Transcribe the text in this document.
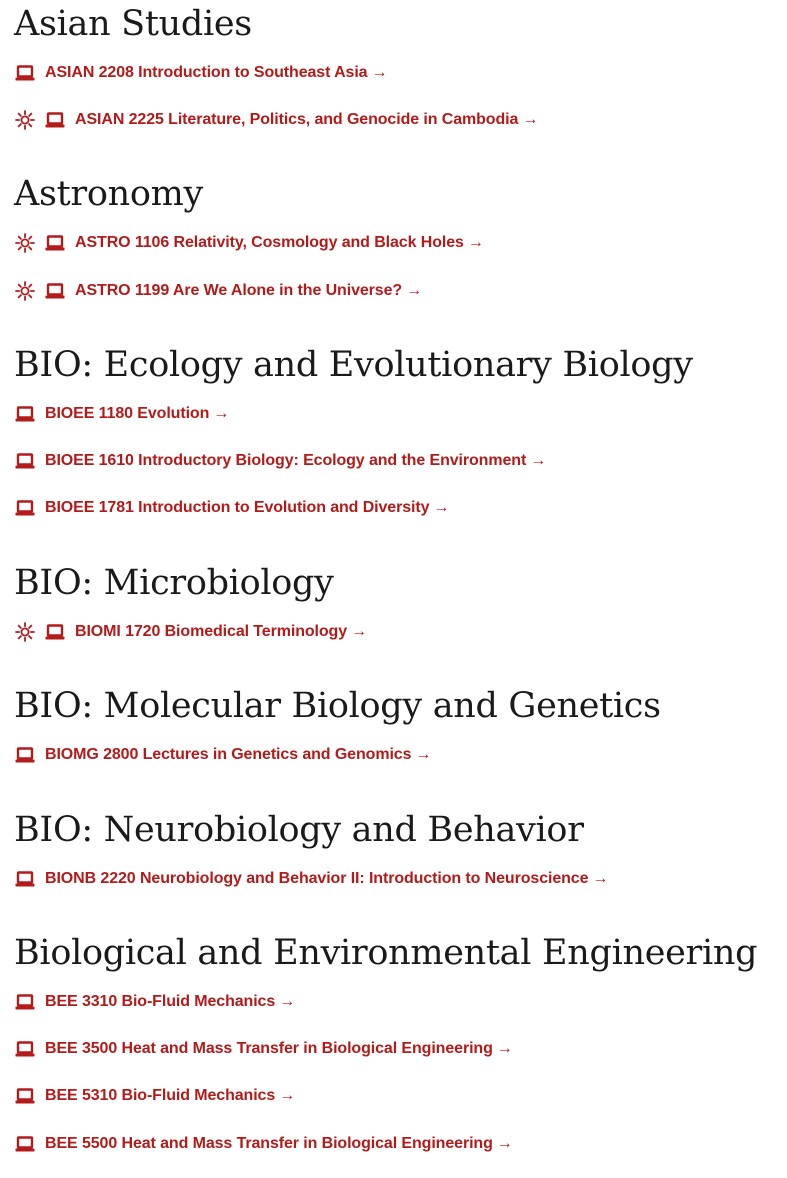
Asian Studies
ASIAN 2208 Introduction to Southeast Asia →
ASIAN 2225 Literature, Politics, and Genocide in Cambodia →
Astronomy
ASTRO 1106 Relativity, Cosmology and Black Holes →
ASTRO 1199 Are We Alone in the Universe? →
BIO: Ecology and Evolutionary Biology
BIOEE 1180 Evolution →
BIOEE 1610 Introductory Biology: Ecology and the Environment →
BIOEE 1781 Introduction to Evolution and Diversity →
BIO: Microbiology
BIOMI 1720 Biomedical Terminology →
BIO: Molecular Biology and Genetics
BIOMG 2800 Lectures in Genetics and Genomics →
BIO: Neurobiology and Behavior
BIONB 2220 Neurobiology and Behavior II: Introduction to Neuroscience →
Biological and Environmental Engineering
BEE 3310 Bio-Fluid Mechanics →
BEE 3500 Heat and Mass Transfer in Biological Engineering →
BEE 5310 Bio-Fluid Mechanics →
BEE 5500 Heat and Mass Transfer in Biological Engineering →
